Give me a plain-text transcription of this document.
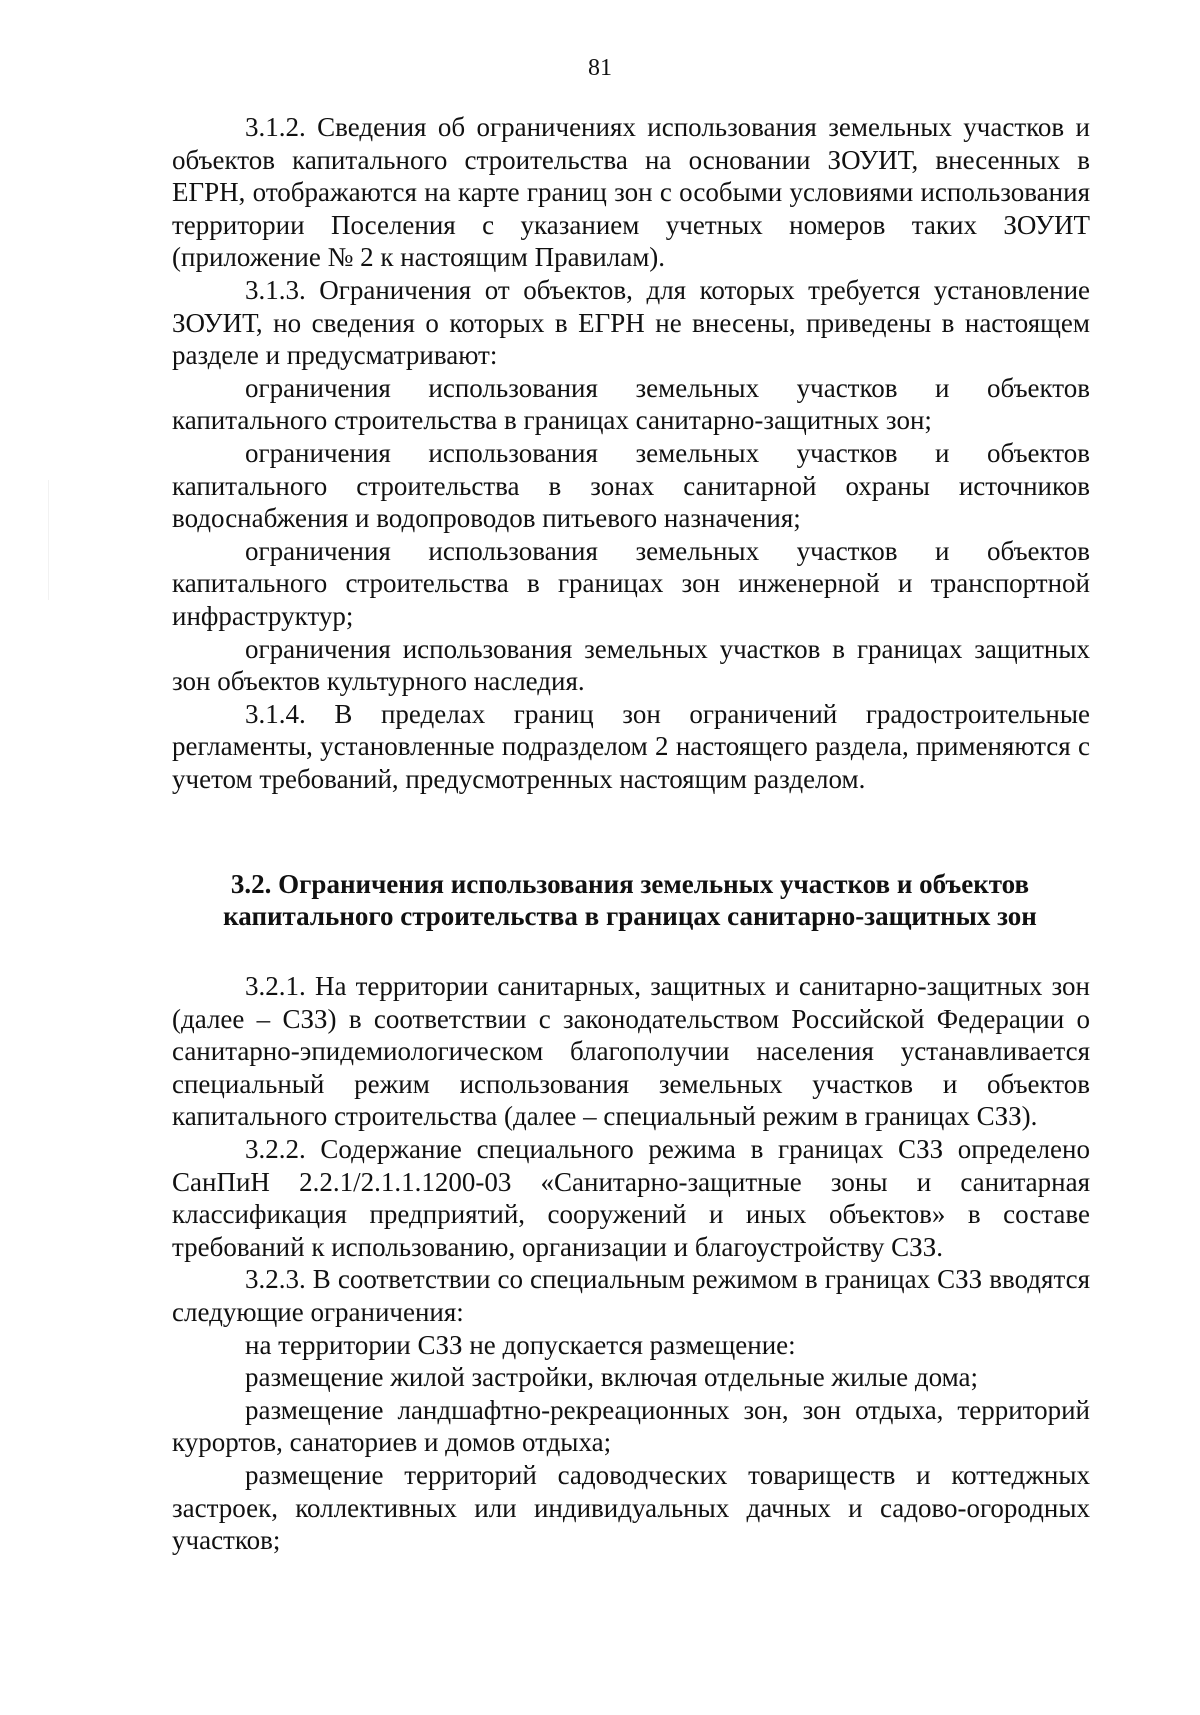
81

3.1.2. Сведения об ограничениях использования земельных участков и объектов капитального строительства на основании ЗОУИТ, внесенных в ЕГРН, отображаются на карте границ зон с особыми условиями использования территории Поселения с указанием учетных номеров таких ЗОУИТ (приложение № 2 к настоящим Правилам).

3.1.3. Ограничения от объектов, для которых требуется установление ЗОУИТ, но сведения о которых в ЕГРН не внесены, приведены в настоящем разделе и предусматривают:

ограничения использования земельных участков и объектов капитального строительства в границах санитарно-защитных зон;

ограничения использования земельных участков и объектов капитального строительства в зонах санитарной охраны источников водоснабжения и водопроводов питьевого назначения;

ограничения использования земельных участков и объектов капитального строительства в границах зон инженерной и транспортной инфраструктур;

ограничения использования земельных участков в границах защитных зон объектов культурного наследия.

3.1.4. В пределах границ зон ограничений градостроительные регламенты, установленные подразделом 2 настоящего раздела, применяются с учетом требований, предусмотренных настоящим разделом.

3.2. Ограничения использования земельных участков и объектов
капитального строительства в границах санитарно-защитных зон

3.2.1. На территории санитарных, защитных и санитарно-защитных зон (далее – СЗЗ) в соответствии с законодательством Российской Федерации о санитарно-эпидемиологическом благополучии населения устанавливается специальный режим использования земельных участков и объектов капитального строительства (далее – специальный режим в границах СЗЗ).

3.2.2. Содержание специального режима в границах СЗЗ определено СанПиН 2.2.1/2.1.1.1200-03 «Санитарно-защитные зоны и санитарная классификация предприятий, сооружений и иных объектов» в составе требований к использованию, организации и благоустройству СЗЗ.

3.2.3. В соответствии со специальным режимом в границах СЗЗ вводятся следующие ограничения:

на территории СЗЗ не допускается размещение:

размещение жилой застройки, включая отдельные жилые дома;

размещение ландшафтно-рекреационных зон, зон отдыха, территорий курортов, санаториев и домов отдыха;

размещение территорий садоводческих товариществ и коттеджных застроек, коллективных или индивидуальных дачных и садово-огородных участков;
